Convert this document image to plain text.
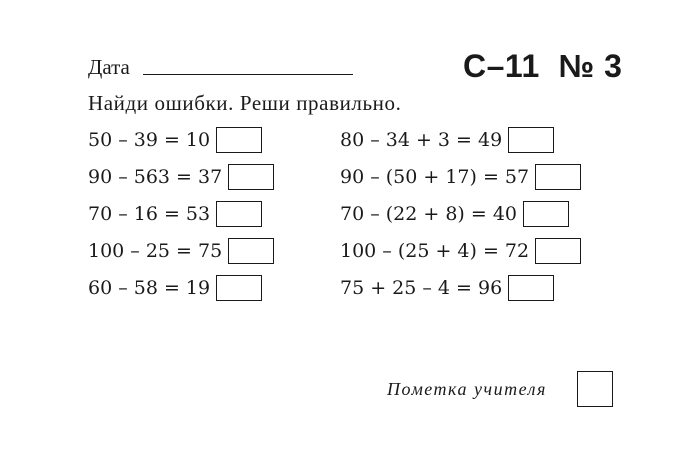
Дата	С–11  № 3
Найди ошибки. Реши правильно.
50 – 39 = 10
90 – 563 = 37
70 – 16 = 53
100 – 25 = 75
60 – 58 = 19
80 – 34 + 3 = 49
90 – (50 + 17) = 57
70 – (22 + 8) = 40
100 – (25 + 4) = 72
75 + 25 – 4 = 96
Пометка учителя
